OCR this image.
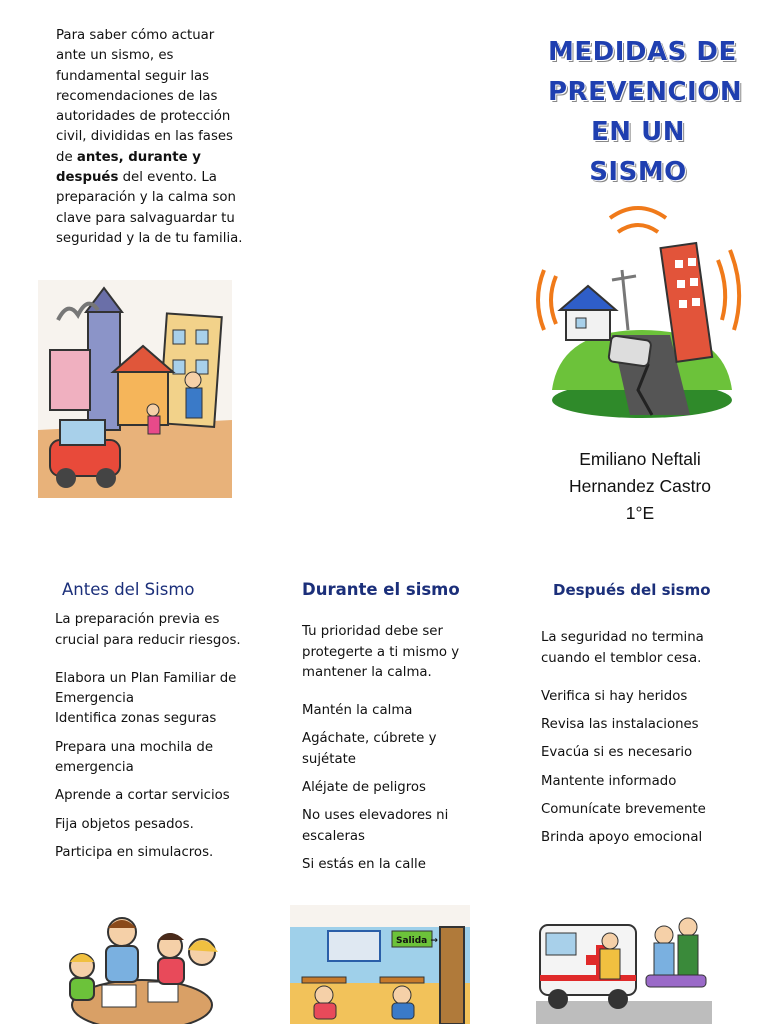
Para saber cómo actuar ante un sismo, es fundamental seguir las recomendaciones de las autoridades de protección civil, divididas en las fases de antes, durante y después del evento. La preparación y la calma son clave para salvaguardar tu seguridad y la de tu familia.
MEDIDAS DE
PREVENCION
EN UN
SISMO
Emiliano Neftali
Hernandez Castro
1°E
Antes del Sismo

La preparación previa es crucial para reducir riesgos.

Elabora un Plan Familiar de Emergencia

Identifica zonas seguras

Prepara una mochila de emergencia

Aprende a cortar servicios

Fija objetos pesados.

Participa en simulacros.

Durante el sismo

Tu prioridad debe ser protegerte a ti mismo y mantener la calma.

Mantén la calma

Agáchate, cúbrete y sujétate

Aléjate de peligros

No uses elevadores ni escaleras

Si estás en la calle

Después del sismo

La seguridad no termina cuando el temblor cesa.

Verifica si hay heridos

Revisa las instalaciones

Evacúa si es necesario

Mantente informado

Comunícate brevemente

Brinda apoyo emocional

Salida →
